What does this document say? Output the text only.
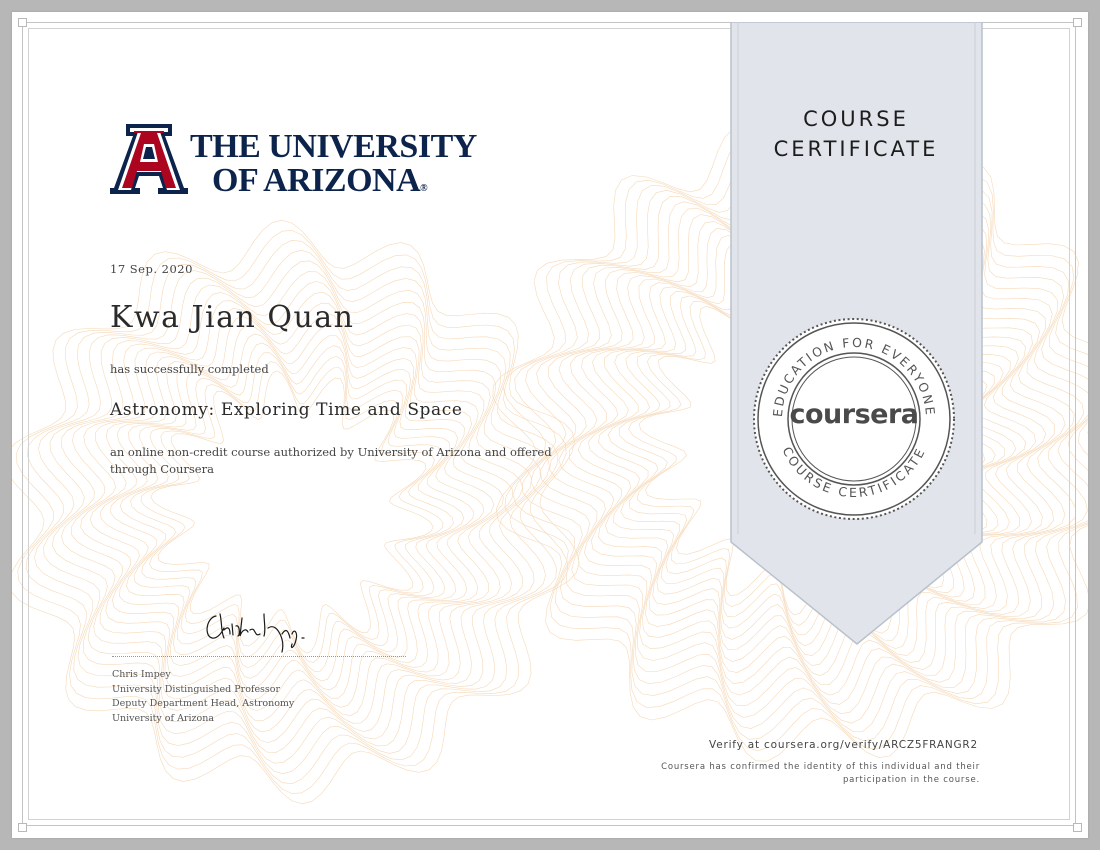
COURSE
CERTIFICATE
THE UNIVERSITY
OF ARIZONA®
17 Sep. 2020
Kwa Jian Quan
has successfully completed
Astronomy: Exploring Time and Space
an online non-credit course authorized by University of Arizona and offered through Coursera
Chris Impey
University Distinguished Professor
Deputy Department Head, Astronomy
University of Arizona
EDUCATION FOR EVERYONE
COURSE CERTIFICATE
coursera
Verify at coursera.org/verify/ARCZ5FRANGR2
Coursera has confirmed the identity of this individual and their participation in the course.
